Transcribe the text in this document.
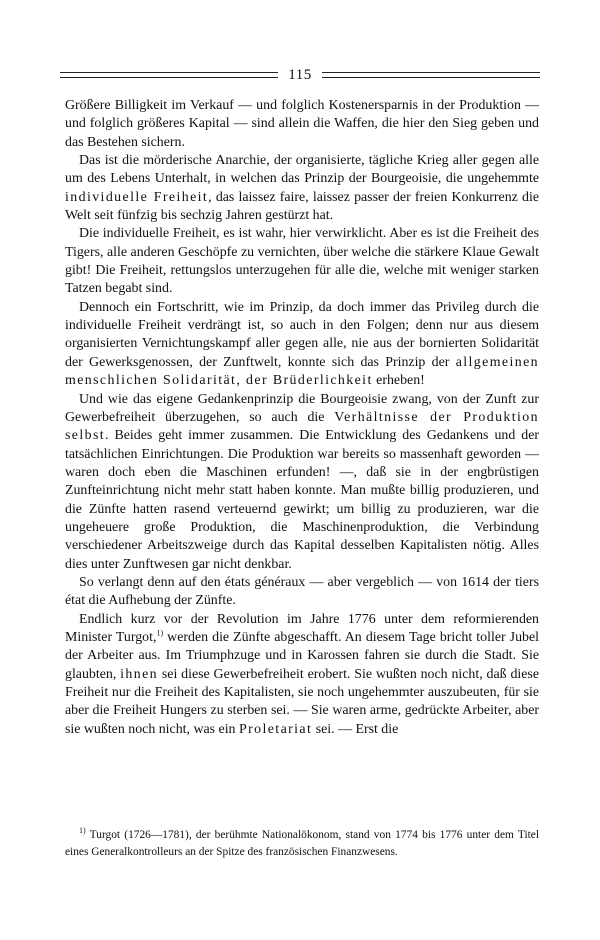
115

Größere Billigkeit im Verkauf — und folglich Kostenersparnis in der Produktion — und folglich größeres Kapital — sind allein die Waffen, die hier den Sieg geben und das Bestehen sichern.

Das ist die mörderische Anarchie, der organisierte, tägliche Krieg aller gegen alle um des Lebens Unterhalt, in welchen das Prinzip der Bourgeoisie, die ungehemmte individuelle Freiheit, das laissez faire, laissez passer der freien Konkurrenz die Welt seit fünfzig bis sechzig Jahren gestürzt hat.

Die individuelle Freiheit, es ist wahr, hier verwirklicht. Aber es ist die Freiheit des Tigers, alle anderen Geschöpfe zu vernichten, über welche die stärkere Klaue Gewalt gibt! Die Freiheit, rettungslos unterzugehen für alle die, welche mit weniger starken Tatzen begabt sind.

Dennoch ein Fortschritt, wie im Prinzip, da doch immer das Privileg durch die individuelle Freiheit verdrängt ist, so auch in den Folgen; denn nur aus diesem organisierten Vernichtungskampf aller gegen alle, nie aus der bornierten Solidarität der Gewerksgenossen, der Zunftwelt, konnte sich das Prinzip der allgemeinen menschlichen Solidarität, der Brüderlichkeit erheben!

Und wie das eigene Gedankenprinzip die Bourgeoisie zwang, von der Zunft zur Gewerbefreiheit überzugehen, so auch die Verhältnisse der Produktion selbst. Beides geht immer zusammen. Die Entwicklung des Gedankens und der tatsächlichen Einrichtungen. Die Produktion war bereits so massenhaft geworden — waren doch eben die Maschinen erfunden! —, daß sie in der engbrüstigen Zunfteinrichtung nicht mehr statt haben konnte. Man mußte billig produzieren, und die Zünfte hatten rasend verteuernd gewirkt; um billig zu produzieren, war die ungeheuere große Produktion, die Maschinenproduktion, die Verbindung verschiedener Arbeitszweige durch das Kapital desselben Kapitalisten nötig. Alles dies unter Zunftwesen gar nicht denkbar.

So verlangt denn auf den états généraux — aber vergeblich — von 1614 der tiers état die Aufhebung der Zünfte.

Endlich kurz vor der Revolution im Jahre 1776 unter dem reformierenden Minister Turgot,$^{1)}$ werden die Zünfte abgeschafft. An diesem Tage bricht toller Jubel der Arbeiter aus. Im Triumphzuge und in Karossen fahren sie durch die Stadt. Sie glaubten, ihnen sei diese Gewerbefreiheit erobert. Sie wußten noch nicht, daß diese Freiheit nur die Freiheit des Kapitalisten, sie noch ungehemmter auszubeuten, für sie aber die Freiheit Hungers zu sterben sei. — Sie waren arme, gedrückte Arbeiter, aber sie wußten noch nicht, was ein Proletariat sei. — Erst die

$^{1)}$ Turgot (1726—1781), der berühmte Nationalökonom, stand von 1774 bis 1776 unter dem Titel eines Generalkontrolleurs an der Spitze des französischen Finanzwesens.
